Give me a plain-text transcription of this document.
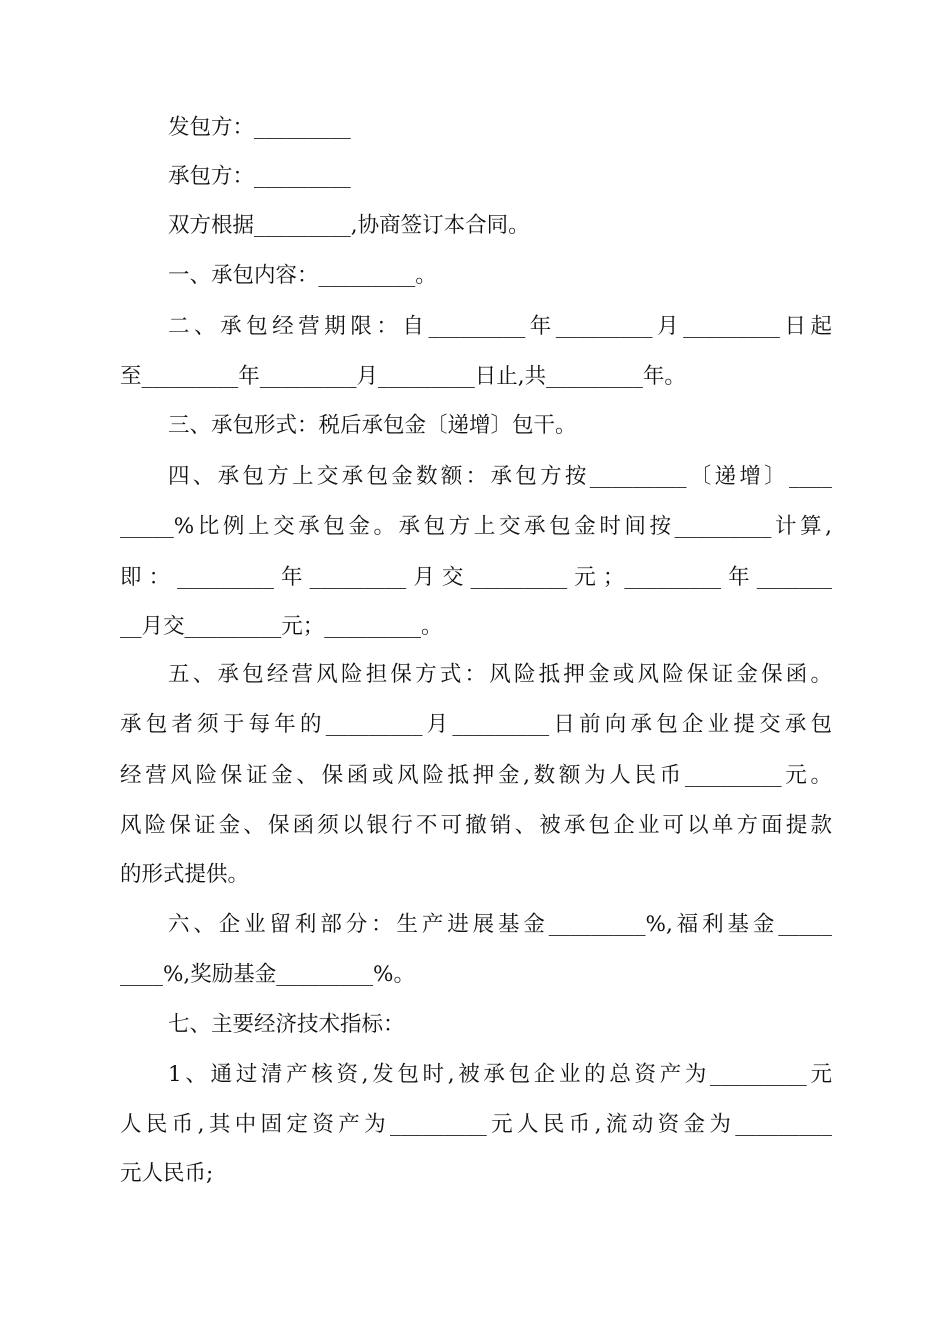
发包方：_________

承包方：_________

双方根据_________,协商签订本合同。

一、承包内容：_________。

二、承包经营期限：自_________年_________月_________日起

至_________年_________月_________日止,共_________年。

三、承包形式：税后承包金〔递增〕包干。

四、承包方上交承包金数额：承包方按_________〔递增〕____

_____%比例上交承包金。承包方上交承包金时间按_________计算,

即：_________年_________月交_________元；_________年_______

__月交_________元；_________。

五、承包经营风险担保方式：风险抵押金或风险保证金保函。

承包者须于每年的_________月_________日前向承包企业提交承包

经营风险保证金、保函或风险抵押金,数额为人民币_________元。

风险保证金、保函须以银行不可撤销、被承包企业可以单方面提款

的形式提供。

六、企业留利部分：生产进展基金_________%,福利基金_____

____%,奖励基金_________%。

七、主要经济技术指标：

1、通过清产核资,发包时,被承包企业的总资产为_________元

人民币,其中固定资产为_________元人民币,流动资金为_________

元人民币;
